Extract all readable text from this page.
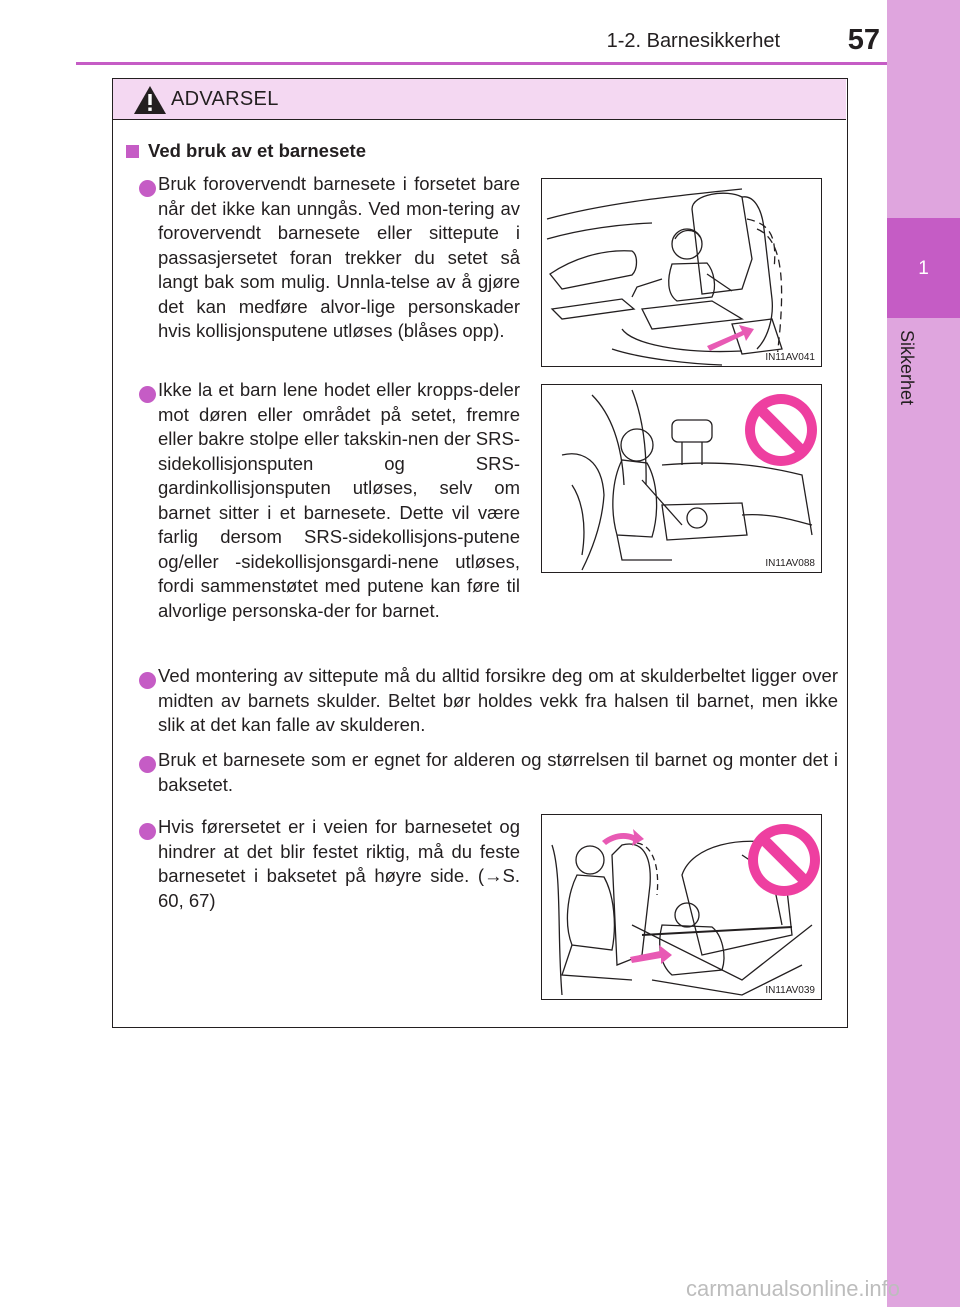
1-2. Barnesikkerhet	57
1
Sikkerhet
ADVARSEL
Ved bruk av et barnesete
Bruk forovervendt barnesete i forsetet bare når det ikke kan unngås. Ved mon-tering av forovervendt barnesete eller sittepute i passasjersetet foran trekker du setet så langt bak som mulig. Unnla-telse av å gjøre det kan medføre alvor-lige personskader hvis kollisjonsputene utløses (blåses opp).
IN11AV041
Ikke la et barn lene hodet eller kropps-deler mot døren eller området på setet, fremre eller bakre stolpe eller takskin-nen der SRS-sidekollisjonsputen og SRS-gardinkollisjonsputen utløses, selv om barnet sitter i et barnesete. Dette vil være farlig dersom SRS-sidekollisjons-putene og/eller -sidekollisjonsgardi-nene utløses, fordi sammenstøtet med putene kan føre til alvorlige personska-der for barnet.
IN11AV088
Ved montering av sittepute må du alltid forsikre deg om at skulderbeltet ligger over midten av barnets skulder. Beltet bør holdes vekk fra halsen til barnet, men ikke slik at det kan falle av skulderen.
Bruk et barnesete som er egnet for alderen og størrelsen til barnet og monter det i baksetet.
Hvis førersetet er i veien for barnesetet og hindrer at det blir festet riktig, må du feste barnesetet i baksetet på høyre side. (→S. 60, 67)
IN11AV039
carmanualsonline.info
